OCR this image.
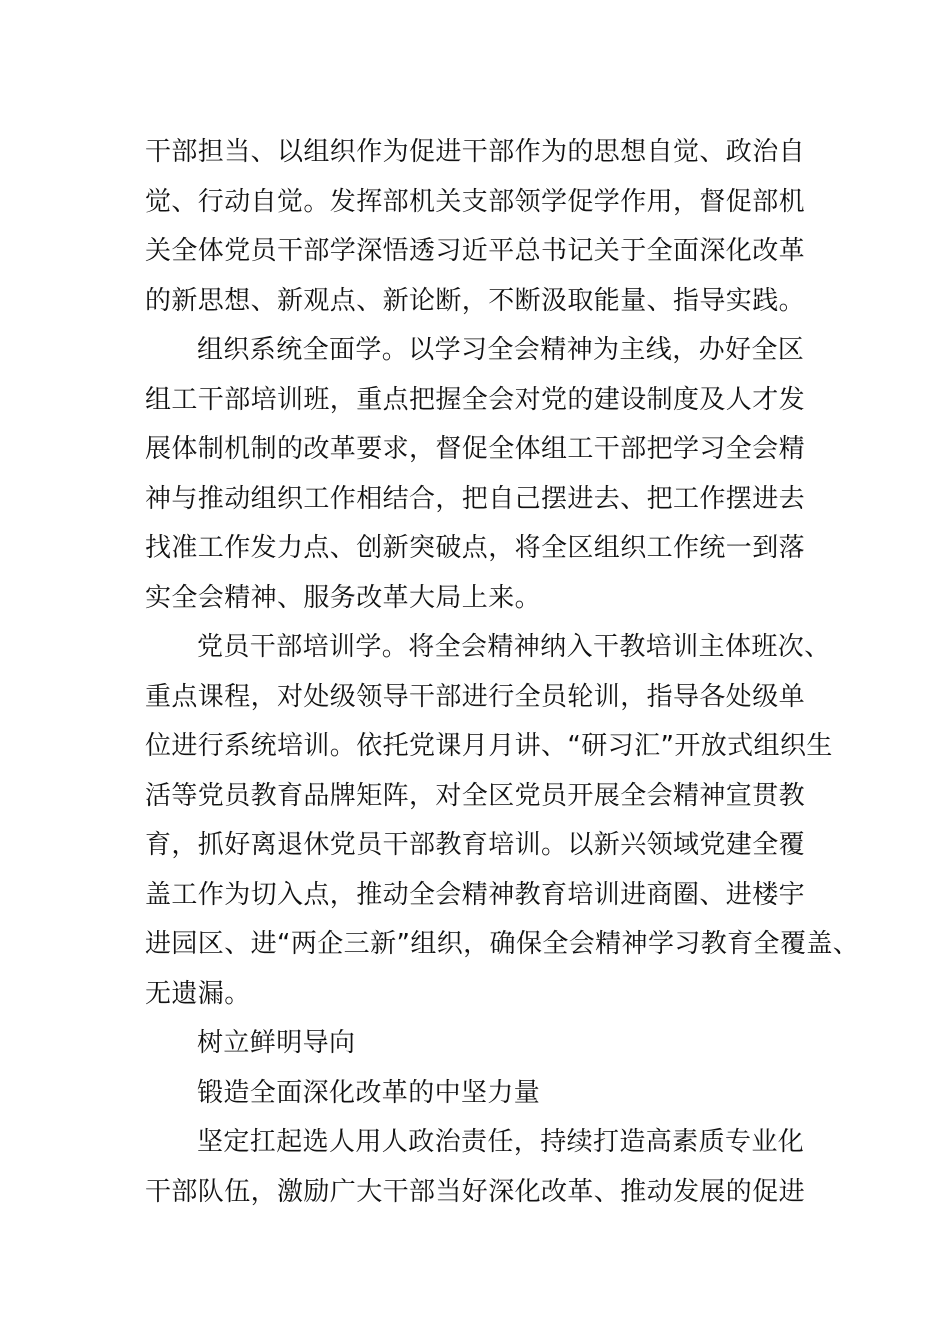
干部担当、以组织作为促进干部作为的思想自觉、政治自
觉、行动自觉。发挥部机关支部领学促学作用，督促部机
关全体党员干部学深悟透习近平总书记关于全面深化改革
的新思想、新观点、新论断，不断汲取能量、指导实践。
组织系统全面学。以学习全会精神为主线，办好全区
组工干部培训班，重点把握全会对党的建设制度及人才发
展体制机制的改革要求，督促全体组工干部把学习全会精
神与推动组织工作相结合，把自己摆进去、把工作摆进去
找准工作发力点、创新突破点，将全区组织工作统一到落
实全会精神、服务改革大局上来。
党员干部培训学。将全会精神纳入干教培训主体班次、
重点课程，对处级领导干部进行全员轮训，指导各处级单
位进行系统培训。依托党课月月讲、“研习汇”开放式组织生
活等党员教育品牌矩阵，对全区党员开展全会精神宣贯教
育，抓好离退休党员干部教育培训。以新兴领域党建全覆
盖工作为切入点，推动全会精神教育培训进商圈、进楼宇
进园区、进“两企三新”组织，确保全会精神学习教育全覆盖、
无遗漏。
树立鲜明导向
锻造全面深化改革的中坚力量
坚定扛起选人用人政治责任，持续打造高素质专业化
干部队伍，激励广大干部当好深化改革、推动发展的促进
